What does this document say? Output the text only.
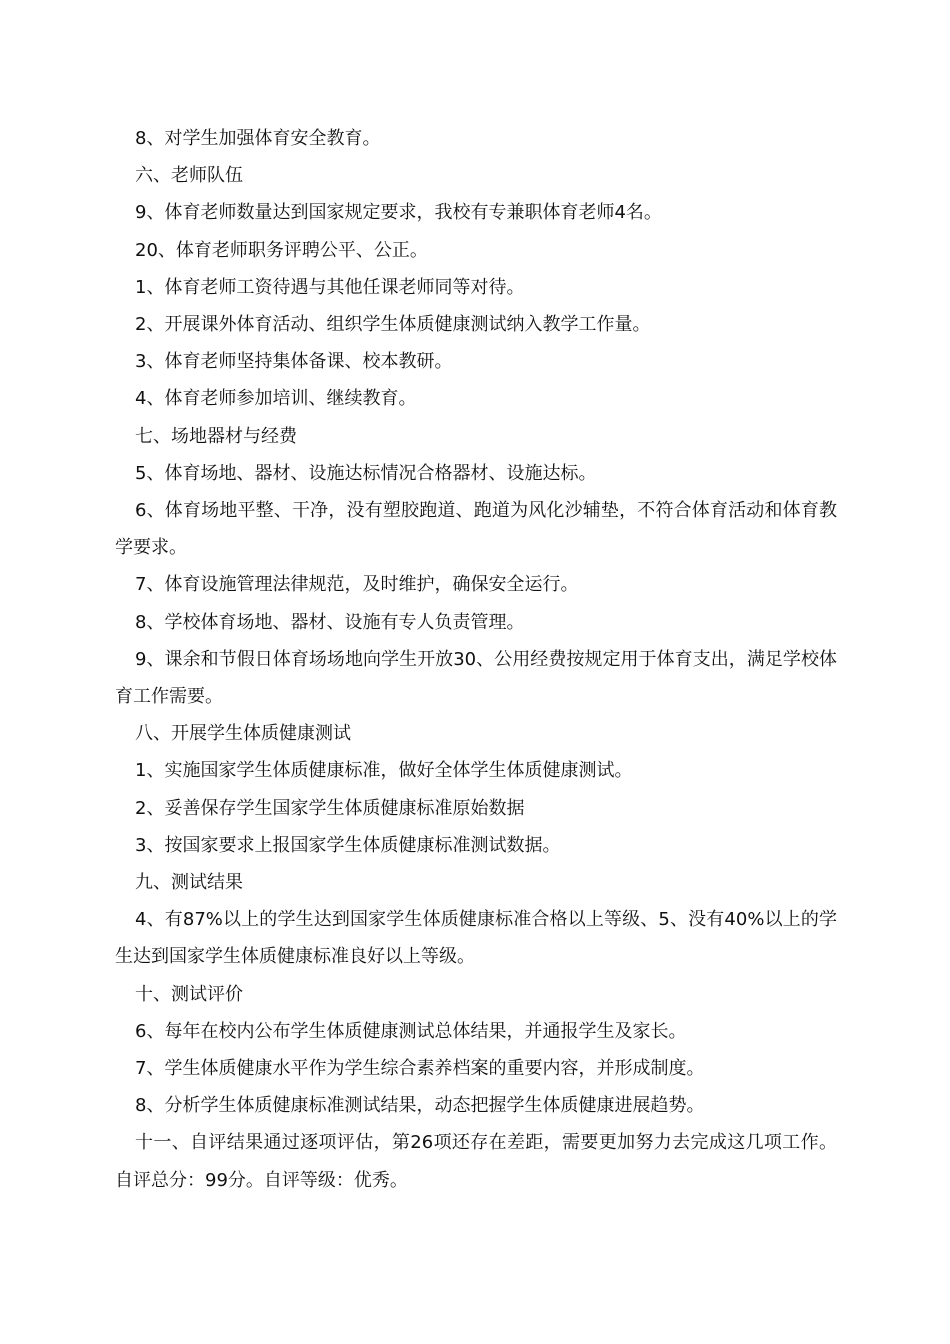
8、对学生加强体育安全教育。

六、老师队伍

9、体育老师数量达到国家规定要求，我校有专兼职体育老师4名。

20、体育老师职务评聘公平、公正。

1、体育老师工资待遇与其他任课老师同等对待。

2、开展课外体育活动、组织学生体质健康测试纳入教学工作量。

3、体育老师坚持集体备课、校本教研。

4、体育老师参加培训、继续教育。

七、场地器材与经费

5、体育场地、器材、设施达标情况合格器材、设施达标。

6、体育场地平整、干净，没有塑胶跑道、跑道为风化沙辅垫，不符合体育活动和体育教学要求。

7、体育设施管理法律规范，及时维护，确保安全运行。

8、学校体育场地、器材、设施有专人负责管理。

9、课余和节假日体育场场地向学生开放30、公用经费按规定用于体育支出，满足学校体育工作需要。

八、开展学生体质健康测试

1、实施国家学生体质健康标准，做好全体学生体质健康测试。

2、妥善保存学生国家学生体质健康标准原始数据

3、按国家要求上报国家学生体质健康标准测试数据。

九、测试结果

4、有87%以上的学生达到国家学生体质健康标准合格以上等级、5、没有40%以上的学生达到国家学生体质健康标准良好以上等级。

十、测试评价

6、每年在校内公布学生体质健康测试总体结果，并通报学生及家长。

7、学生体质健康水平作为学生综合素养档案的重要内容，并形成制度。

8、分析学生体质健康标准测试结果，动态把握学生体质健康进展趋势。

十一、自评结果通过逐项评估，第26项还存在差距，需要更加努力去完成这几项工作。自评总分：99分。自评等级：优秀。
